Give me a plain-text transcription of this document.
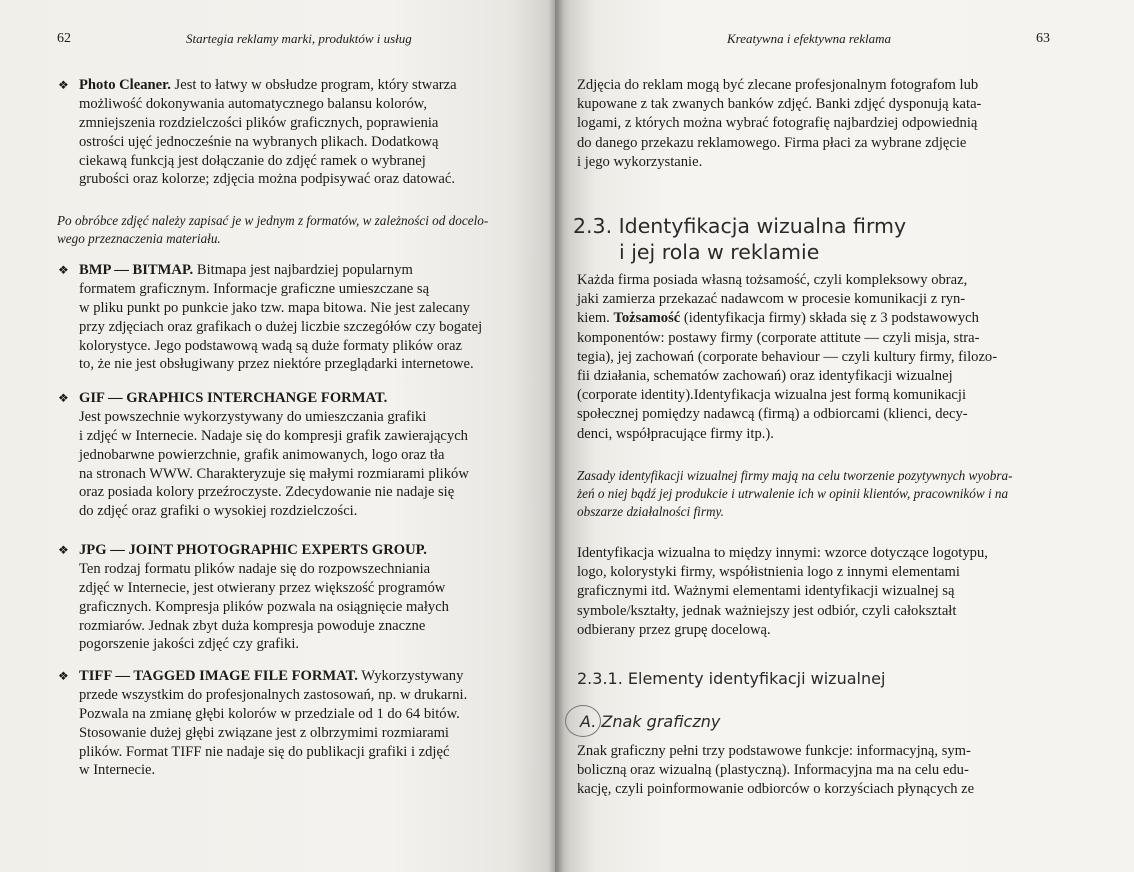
62	Startegia reklamy marki, produktów i usług
❖ Photo Cleaner. Jest to łatwy w obsłudze program, który stwarza
możliwość dokonywania automatycznego balansu kolorów,
zmniejszenia rozdzielczości plików graficznych, poprawienia
ostrości ujęć jednocześnie na wybranych plikach. Dodatkową
ciekawą funkcją jest dołączanie do zdjęć ramek o wybranej
grubości oraz kolorze; zdjęcia można podpisywać oraz datować.
Po obróbce zdjęć należy zapisać je w jednym z formatów, w zależności od docelo-
wego przeznaczenia materiału.
❖ BMP — BITMAP. Bitmapa jest najbardziej popularnym
formatem graficznym. Informacje graficzne umieszczane są
w pliku punkt po punkcie jako tzw. mapa bitowa. Nie jest zalecany
przy zdjęciach oraz grafikach o dużej liczbie szczegółów czy bogatej
kolorystyce. Jego podstawową wadą są duże formaty plików oraz
to, że nie jest obsługiwany przez niektóre przeglądarki internetowe.
❖ GIF — GRAPHICS INTERCHANGE FORMAT.
Jest powszechnie wykorzystywany do umieszczania grafiki
i zdjęć w Internecie. Nadaje się do kompresji grafik zawierających
jednobarwne powierzchnie, grafik animowanych, logo oraz tła
na stronach WWW. Charakteryzuje się małymi rozmiarami plików
oraz posiada kolory przeźroczyste. Zdecydowanie nie nadaje się
do zdjęć oraz grafiki o wysokiej rozdzielczości.
❖ JPG — JOINT PHOTOGRAPHIC EXPERTS GROUP.
Ten rodzaj formatu plików nadaje się do rozpowszechniania
zdjęć w Internecie, jest otwierany przez większość programów
graficznych. Kompresja plików pozwala na osiągnięcie małych
rozmiarów. Jednak zbyt duża kompresja powoduje znaczne
pogorszenie jakości zdjęć czy grafiki.
❖ TIFF — TAGGED IMAGE FILE FORMAT. Wykorzystywany
przede wszystkim do profesjonalnych zastosowań, np. w drukarni.
Pozwala na zmianę głębi kolorów w przedziale od 1 do 64 bitów.
Stosowanie dużej głębi związane jest z olbrzymimi rozmiarami
plików. Format TIFF nie nadaje się do publikacji grafiki i zdjęć
w Internecie.
Kreatywna i efektywna reklama	63
Zdjęcia do reklam mogą być zlecane profesjonalnym fotografom lub
kupowane z tak zwanych banków zdjęć. Banki zdjęć dysponują kata-
logami, z których można wybrać fotografię najbardziej odpowiednią
do danego przekazu reklamowego. Firma płaci za wybrane zdjęcie
i jego wykorzystanie.
2.3. Identyfikacja wizualna firmy
i jej rola w reklamie
Każda firma posiada własną tożsamość, czyli kompleksowy obraz,
jaki zamierza przekazać nadawcom w procesie komunikacji z ryn-
kiem. Tożsamość (identyfikacja firmy) składa się z 3 podstawowych
komponentów: postawy firmy (corporate attitute — czyli misja, stra-
tegia), jej zachowań (corporate behaviour — czyli kultury firmy, filozo-
fii działania, schematów zachowań) oraz identyfikacji wizualnej
(corporate identity).Identyfikacja wizualna jest formą komunikacji
społecznej pomiędzy nadawcą (firmą) a odbiorcami (klienci, decy-
denci, współpracujące firmy itp.).
Zasady identyfikacji wizualnej firmy mają na celu tworzenie pozytywnych wyobra-
żeń o niej bądź jej produkcie i utrwalenie ich w opinii klientów, pracowników i na
obszarze działalności firmy.
Identyfikacja wizualna to między innymi: wzorce dotyczące logotypu,
logo, kolorystyki firmy, współistnienia logo z innymi elementami
graficznymi itd. Ważnymi elementami identyfikacji wizualnej są
symbole/kształty, jednak ważniejszy jest odbiór, czyli całokształt
odbierany przez grupę docelową.
2.3.1. Elementy identyfikacji wizualnej
A. Znak graficzny
Znak graficzny pełni trzy podstawowe funkcje: informacyjną, sym-
boliczną oraz wizualną (plastyczną). Informacyjna ma na celu edu-
kację, czyli poinformowanie odbiorców o korzyściach płynących ze
